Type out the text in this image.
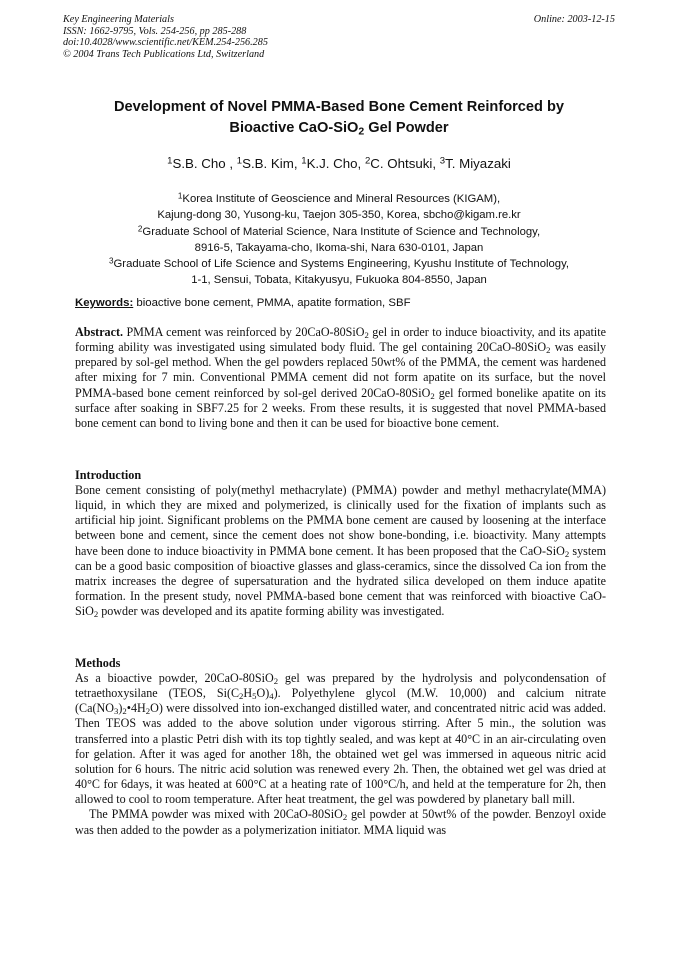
Key Engineering Materials
ISSN: 1662-9795, Vols. 254-256, pp 285-288
doi:10.4028/www.scientific.net/KEM.254-256.285
© 2004 Trans Tech Publications Ltd, Switzerland
Online: 2003-12-15
Development of Novel PMMA-Based Bone Cement Reinforced by
Bioactive CaO-SiO$_2$ Gel Powder
$^1$S.B. Cho , $^1$S.B. Kim, $^1$K.J. Cho, $^2$C. Ohtsuki, $^3$T. Miyazaki
$^1$Korea Institute of Geoscience and Mineral Resources (KIGAM),
Kajung-dong 30, Yusong-ku, Taejon 305-350, Korea, sbcho@kigam.re.kr
$^2$Graduate School of Material Science, Nara Institute of Science and Technology,
8916-5, Takayama-cho, Ikoma-shi, Nara 630-0101, Japan
$^3$Graduate School of Life Science and Systems Engineering, Kyushu Institute of Technology,
1-1, Sensui, Tobata, Kitakyusyu, Fukuoka 804-8550, Japan
Keywords: bioactive bone cement, PMMA, apatite formation, SBF

Abstract. PMMA cement was reinforced by 20CaO-80SiO$_2$ gel in order to induce bioactivity, and its apatite forming ability was investigated using simulated body fluid. The gel containing 20CaO-80SiO$_2$ was easily prepared by sol-gel method. When the gel powders replaced 50wt% of the PMMA, the cement was hardened after mixing for 7 min. Conventional PMMA cement did not form apatite on its surface, but the novel PMMA-based bone cement reinforced by sol-gel derived 20CaO-80SiO$_2$ gel formed bonelike apatite on its surface after soaking in SBF7.25 for 2 weeks. From these results, it is suggested that novel PMMA-based bone cement can bond to living bone and then it can be used for bioactive bone cement.

Introduction

Bone cement consisting of poly(methyl methacrylate) (PMMA) powder and methyl methacrylate(MMA) liquid, in which they are mixed and polymerized, is clinically used for the fixation of implants such as artificial hip joint. Significant problems on the PMMA bone cement are caused by loosening at the interface between bone and cement, since the cement does not show bone-bonding, i.e. bioactivity. Many attempts have been done to induce bioactivity in PMMA bone cement. It has been proposed that the CaO-SiO$_2$ system can be a good basic composition of bioactive glasses and glass-ceramics, since the dissolved Ca ion from the matrix increases the degree of supersaturation and the hydrated silica developed on them induce apatite formation. In the present study, novel PMMA-based bone cement that was reinforced with bioactive CaO-SiO$_2$ powder was developed and its apatite forming ability was investigated.

Methods

As a bioactive powder, 20CaO-80SiO$_2$ gel was prepared by the hydrolysis and polycondensation of tetraethoxysilane (TEOS, $Si(C_2H_5O)_4$). Polyethylene glycol (M.W. 10,000) and calcium nitrate $(Ca(NO_3)_2•4H_2O)$ were dissolved into ion-exchanged distilled water, and concentrated nitric acid was added. Then TEOS was added to the above solution under vigorous stirring. After 5 min., the solution was transferred into a plastic Petri dish with its top tightly sealed, and was kept at 40°C in an air-circulating oven for gelation. After it was aged for another 18h, the obtained wet gel was immersed in aqueous nitric acid solution for 6 hours. The nitric acid solution was renewed every 2h. Then, the obtained wet gel was dried at 40°C for 6days, it was heated at 600°C at a heating rate of 100°C/h, and held at the temperature for 2h, then allowed to cool to room temperature. After heat treatment, the gel was powdered by planetary ball mill.

The PMMA powder was mixed with 20CaO-80SiO$_2$ gel powder at 50wt% of the powder. Benzoyl oxide was then added to the powder as a polymerization initiator. MMA liquid was
